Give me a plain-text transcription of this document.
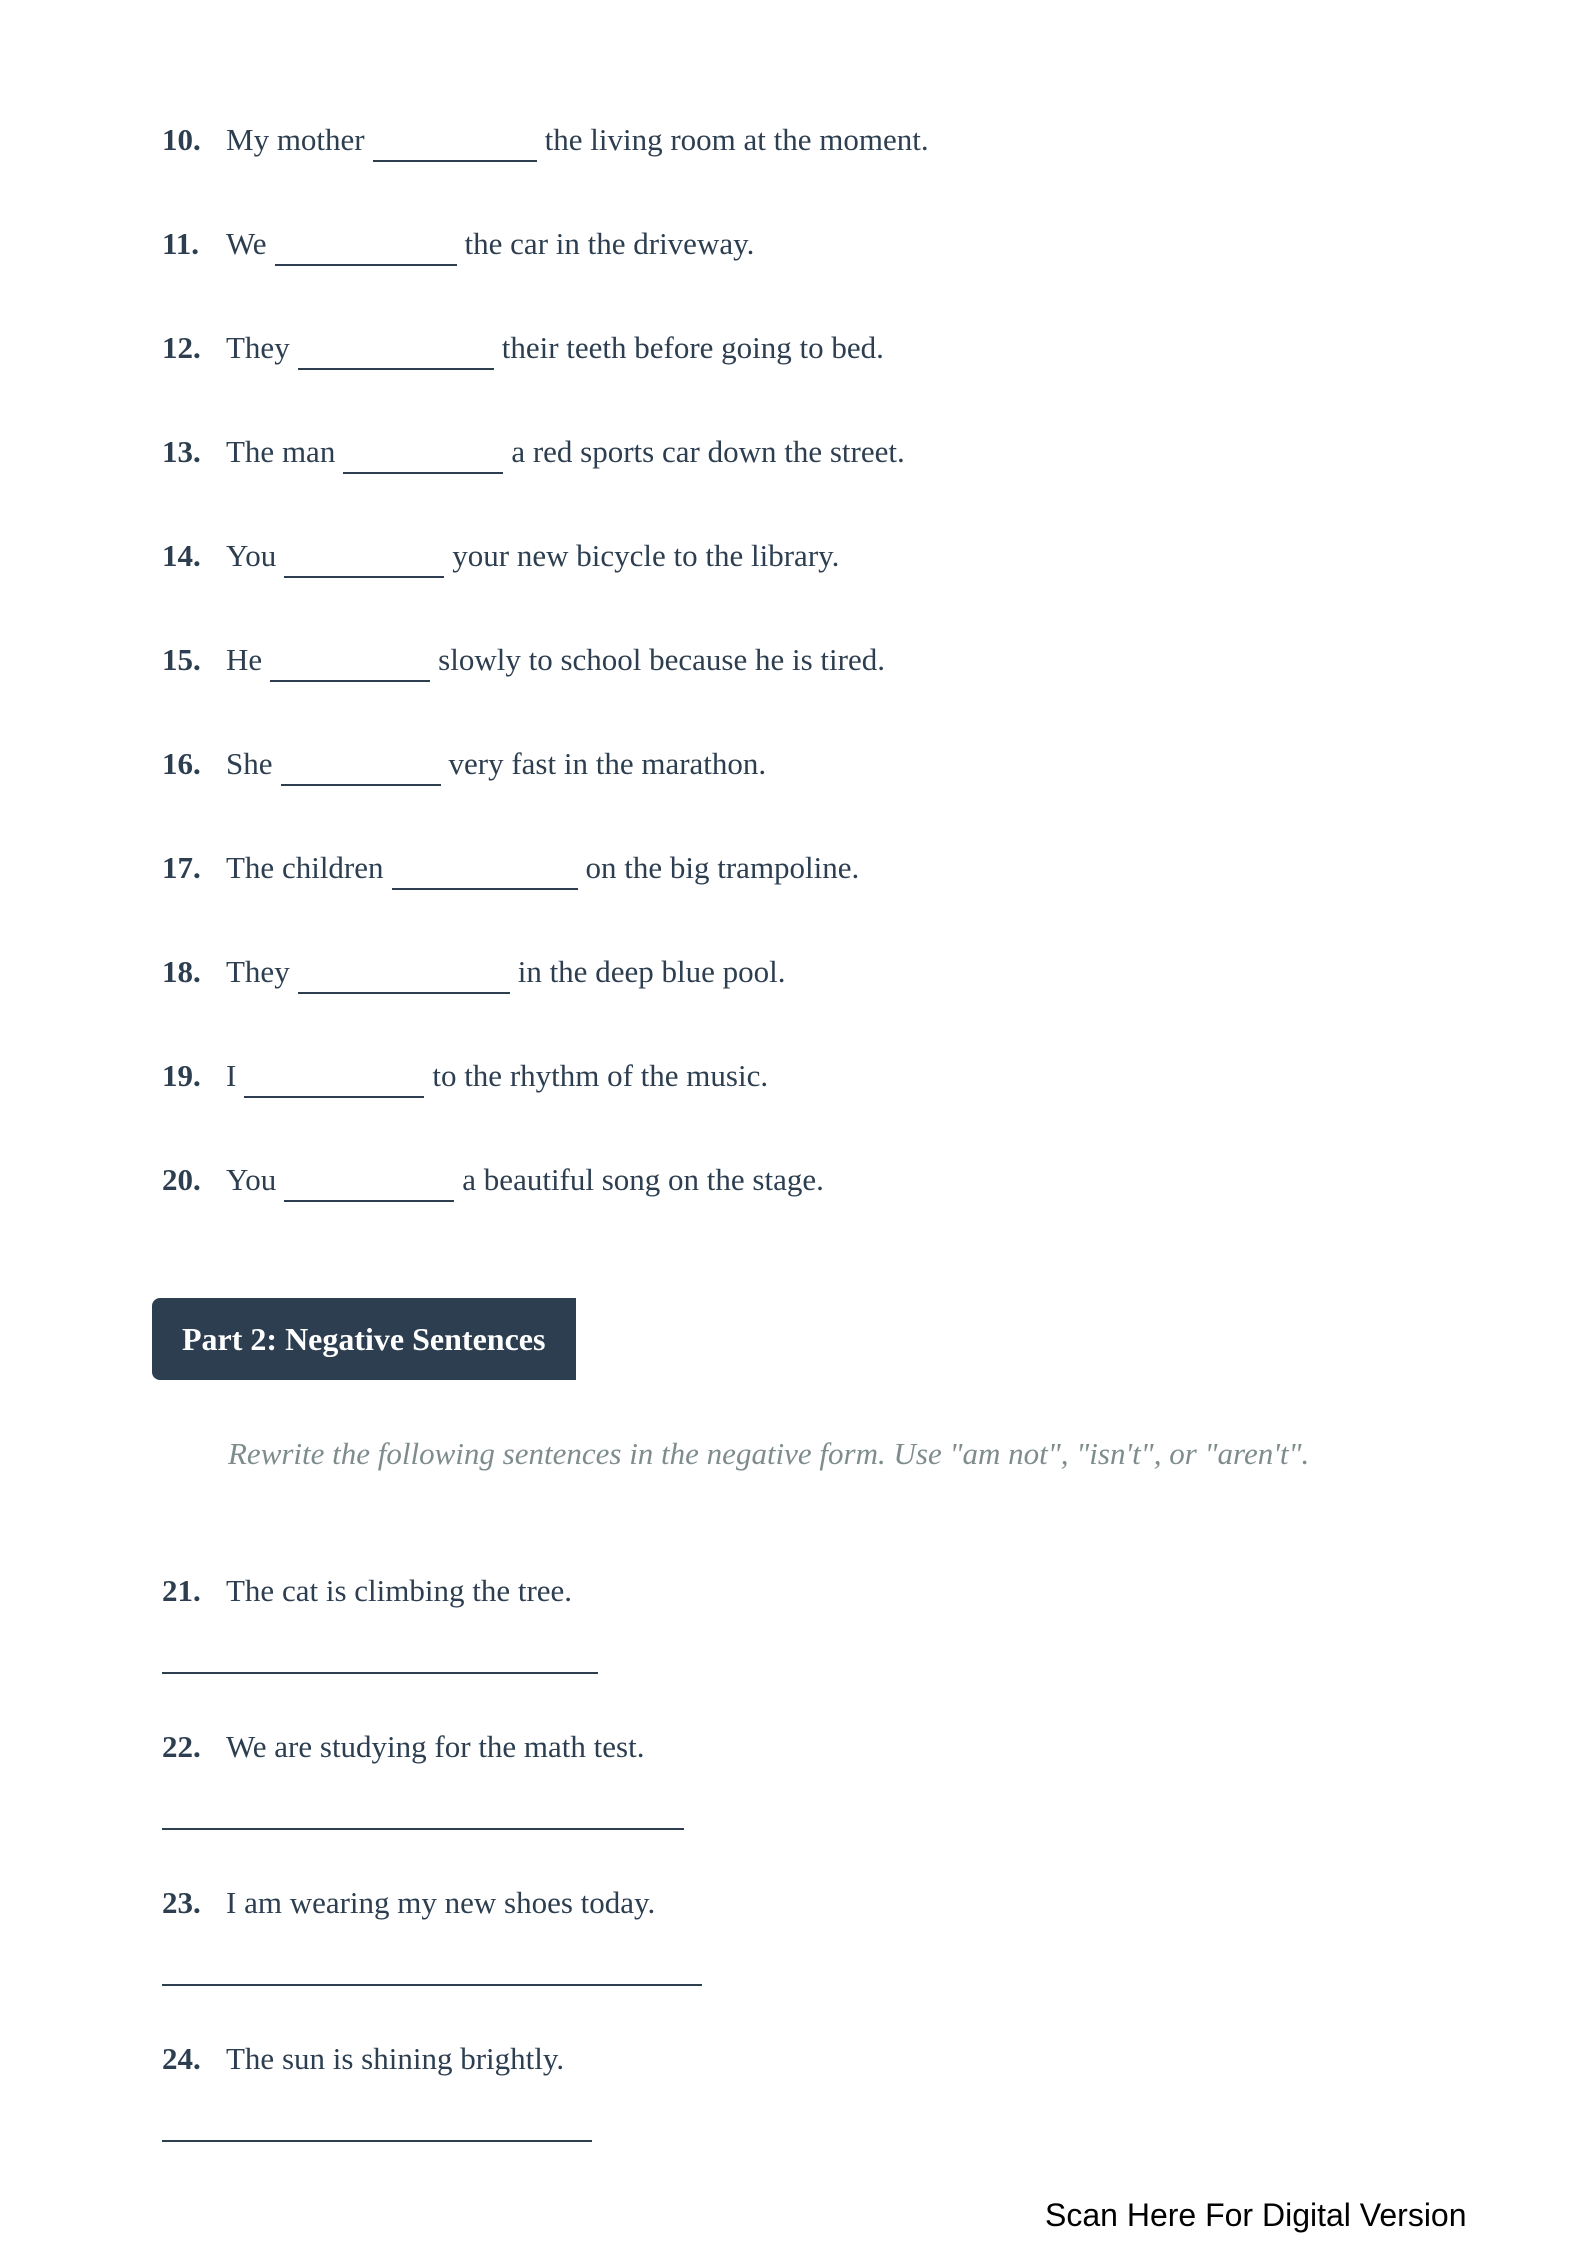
10. My mother	the living room at the moment.
11. We	the car in the driveway.
12. They	their teeth before going to bed.
13. The man	a red sports car down the street.
14. You	your new bicycle to the library.
15. He	slowly to school because he is tired.
16. She	very fast in the marathon.
17. The children	on the big trampoline.
18. They	in the deep blue pool.
19. I	to the rhythm of the music.
20. You	a beautiful song on the stage.
Part 2: Negative Sentences
Rewrite the following sentences in the negative form. Use "am not", "isn't", or "aren't".
21. The cat is climbing the tree.
22. We are studying for the math test.
23. I am wearing my new shoes today.
24. The sun is shining brightly.
Scan Here For Digital Version
